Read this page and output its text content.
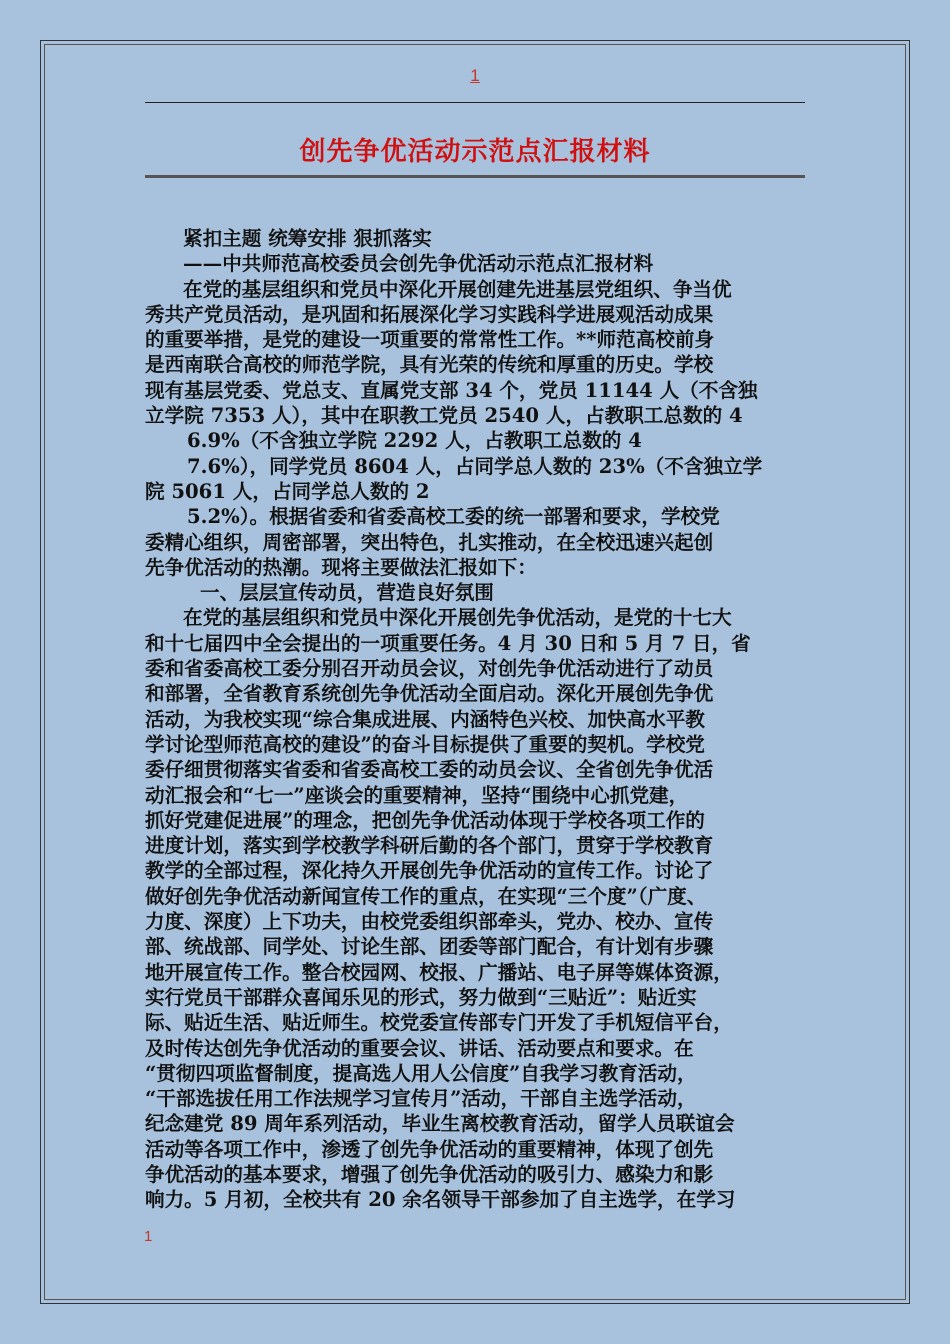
1
创先争优活动示范点汇报材料
紧扣主题 统筹安排 狠抓落实
——中共师范高校委员会创先争优活动示范点汇报材料
在党的基层组织和党员中深化开展创建先进基层党组织、争当优
秀共产党员活动，是巩固和拓展深化学习实践科学进展观活动成果
的重要举措，是党的建设一项重要的常常性工作。**师范高校前身
是西南联合高校的师范学院，具有光荣的传统和厚重的历史。学校
现有基层党委、党总支、直属党支部 34 个，党员 11144 人（不含独
立学院 7353 人），其中在职教工党员 2540 人，占教职工总数的 4
6.9%（不含独立学院 2292 人，占教职工总数的 4
7.6%），同学党员 8604 人，占同学总人数的 23%（不含独立学
院 5061 人，占同学总人数的 2
5.2%）。根据省委和省委高校工委的统一部署和要求，学校党
委精心组织，周密部署，突出特色，扎实推动，在全校迅速兴起创
先争优活动的热潮。现将主要做法汇报如下：
一、层层宣传动员，营造良好氛围
在党的基层组织和党员中深化开展创先争优活动，是党的十七大
和十七届四中全会提出的一项重要任务。4 月 30 日和 5 月 7 日，省
委和省委高校工委分别召开动员会议，对创先争优活动进行了动员
和部署，全省教育系统创先争优活动全面启动。深化开展创先争优
活动，为我校实现“综合集成进展、内涵特色兴校、加快高水平教
学讨论型师范高校的建设”的奋斗目标提供了重要的契机。学校党
委仔细贯彻落实省委和省委高校工委的动员会议、全省创先争优活
动汇报会和“七一”座谈会的重要精神，坚持“围绕中心抓党建，
抓好党建促进展”的理念，把创先争优活动体现于学校各项工作的
进度计划，落实到学校教学科研后勤的各个部门，贯穿于学校教育
教学的全部过程，深化持久开展创先争优活动的宣传工作。讨论了
做好创先争优活动新闻宣传工作的重点，在实现“三个度”（广度、
力度、深度）上下功夫，由校党委组织部牵头，党办、校办、宣传
部、统战部、同学处、讨论生部、团委等部门配合，有计划有步骤
地开展宣传工作。整合校园网、校报、广播站、电子屏等媒体资源，
实行党员干部群众喜闻乐见的形式，努力做到“三贴近”：贴近实
际、贴近生活、贴近师生。校党委宣传部专门开发了手机短信平台，
及时传达创先争优活动的重要会议、讲话、活动要点和要求。在
“贯彻四项监督制度，提高选人用人公信度”自我学习教育活动，
“干部选拔任用工作法规学习宣传月”活动，干部自主选学活动，
纪念建党 89 周年系列活动，毕业生离校教育活动，留学人员联谊会
活动等各项工作中，渗透了创先争优活动的重要精神，体现了创先
争优活动的基本要求，增强了创先争优活动的吸引力、感染力和影
响力。5 月初，全校共有 20 余名领导干部参加了自主选学，在学习
1
